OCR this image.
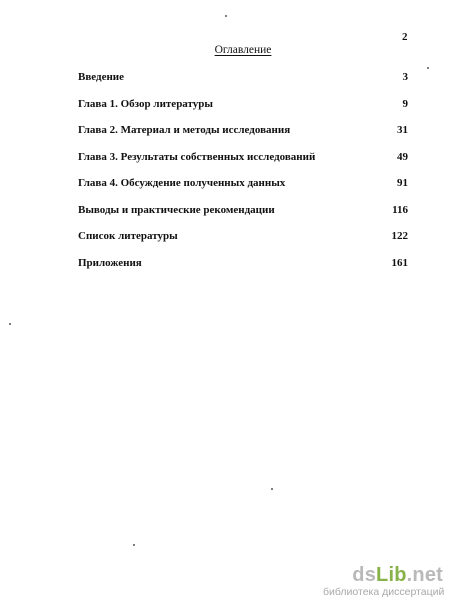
2
Оглавление
Введение	3
Глава 1. Обзор литературы	9
Глава 2. Материал и методы исследования	31
Глава 3. Результаты собственных исследований	49
Глава 4. Обсуждение полученных данных	91
Выводы и практические рекомендации	116
Список литературы	122
Приложения	161
dsLib.net
библиотека диссертаций
